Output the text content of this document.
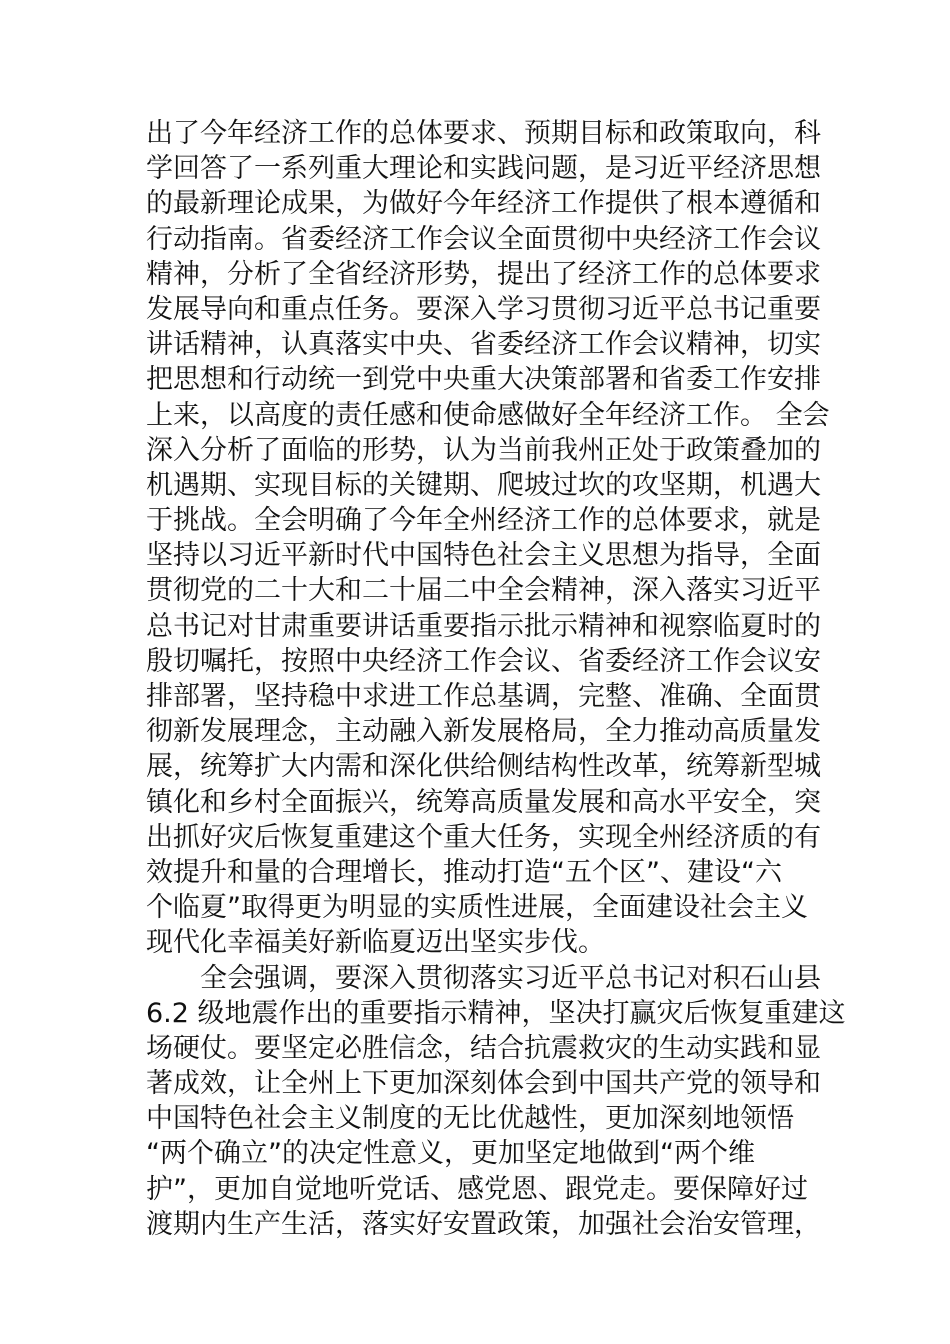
出了今年经济工作的总体要求、预期目标和政策取向，科
学回答了一系列重大理论和实践问题，是习近平经济思想
的最新理论成果，为做好今年经济工作提供了根本遵循和
行动指南。省委经济工作会议全面贯彻中央经济工作会议
精神，分析了全省经济形势，提出了经济工作的总体要求
发展导向和重点任务。要深入学习贯彻习近平总书记重要
讲话精神，认真落实中央、省委经济工作会议精神，切实
把思想和行动统一到党中央重大决策部署和省委工作安排
上来，以高度的责任感和使命感做好全年经济工作。 全会
深入分析了面临的形势，认为当前我州正处于政策叠加的
机遇期、实现目标的关键期、爬坡过坎的攻坚期，机遇大
于挑战。全会明确了今年全州经济工作的总体要求，就是
坚持以习近平新时代中国特色社会主义思想为指导，全面
贯彻党的二十大和二十届二中全会精神，深入落实习近平
总书记对甘肃重要讲话重要指示批示精神和视察临夏时的
殷切嘱托，按照中央经济工作会议、省委经济工作会议安
排部署，坚持稳中求进工作总基调，完整、准确、全面贯
彻新发展理念，主动融入新发展格局，全力推动高质量发
展，统筹扩大内需和深化供给侧结构性改革，统筹新型城
镇化和乡村全面振兴，统筹高质量发展和高水平安全，突
出抓好灾后恢复重建这个重大任务，实现全州经济质的有
效提升和量的合理增长，推动打造“五个区”、建设“六
个临夏”取得更为明显的实质性进展，全面建设社会主义
现代化幸福美好新临夏迈出坚实步伐。
　　全会强调，要深入贯彻落实习近平总书记对积石山县
6.2 级地震作出的重要指示精神，坚决打赢灾后恢复重建这
场硬仗。要坚定必胜信念，结合抗震救灾的生动实践和显
著成效，让全州上下更加深刻体会到中国共产党的领导和
中国特色社会主义制度的无比优越性，更加深刻地领悟
“两个确立”的决定性意义，更加坚定地做到“两个维
护”，更加自觉地听党话、感党恩、跟党走。要保障好过
渡期内生产生活，落实好安置政策，加强社会治安管理，
